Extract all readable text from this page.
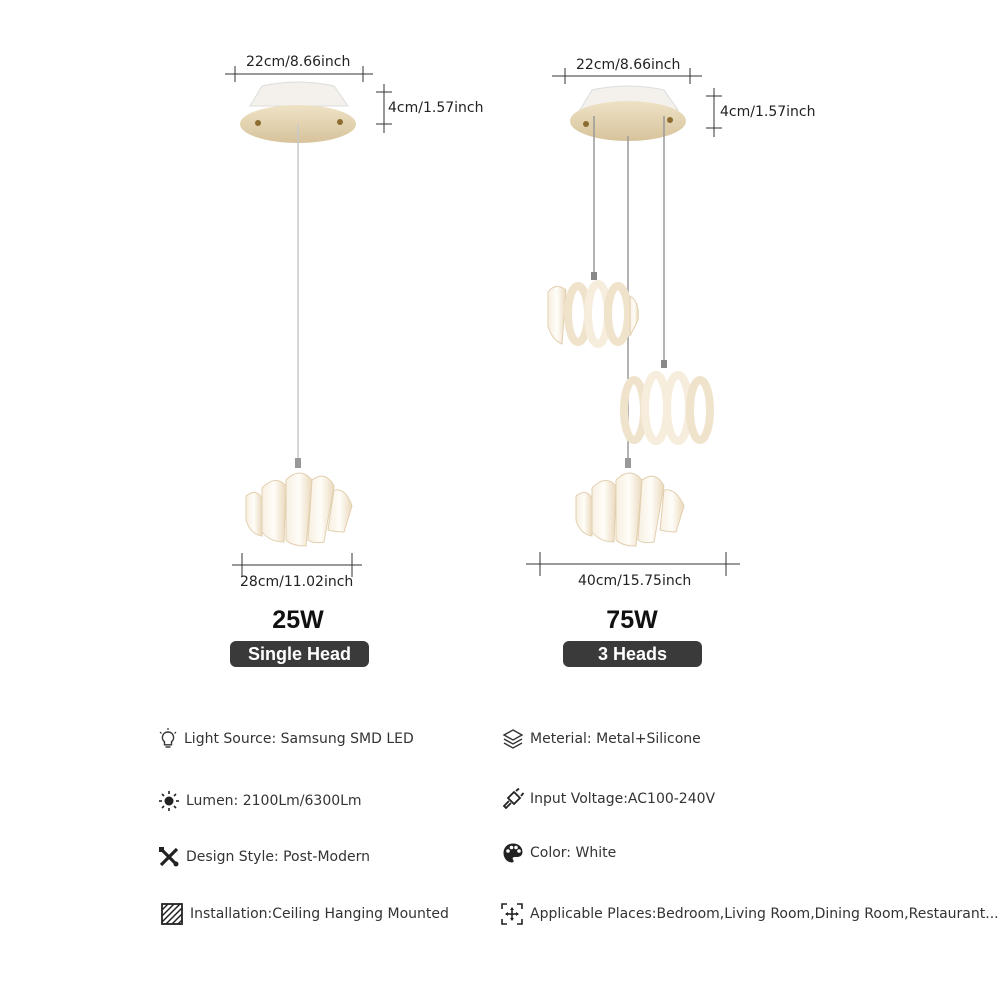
22cm/8.66inch
4cm/1.57inch
28cm/11.02inch
22cm/8.66inch
4cm/1.57inch
40cm/15.75inch
25W
Single Head
75W
3 Heads
Light Source: Samsung SMD LED	Meterial: Metal+Silicone
Lumen: 2100Lm/6300Lm	Input Voltage:AC100-240V
Design Style: Post-Modern	Color: White
Installation:Ceiling Hanging Mounted	Applicable Places:Bedroom,Living Room,Dining Room,Restaurant...
